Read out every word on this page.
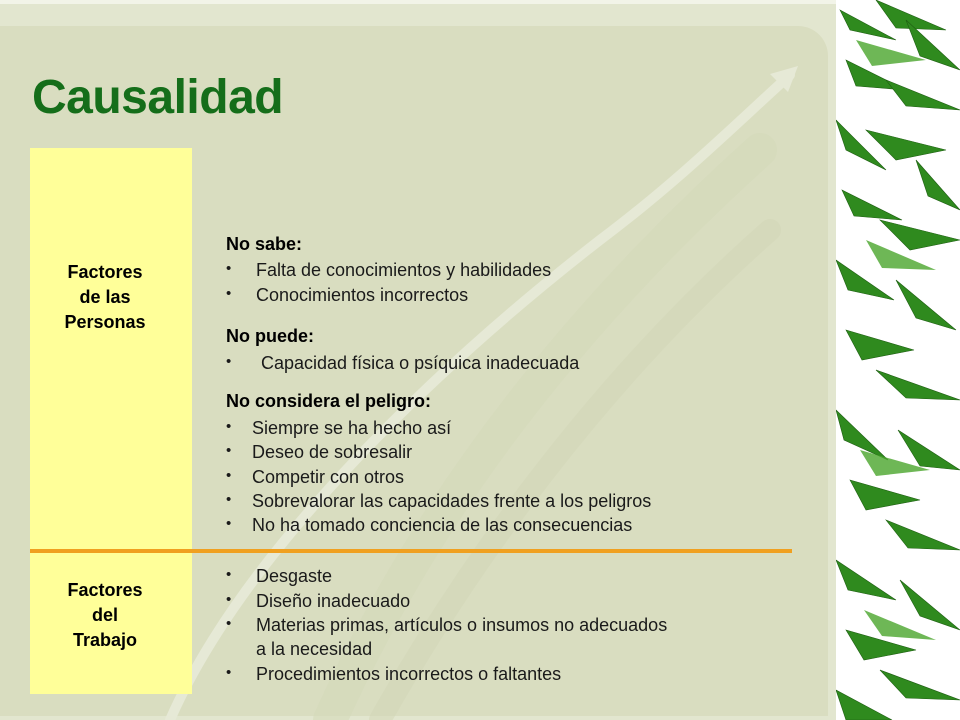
Causalidad
Factores
de las
Personas
Factores
del
Trabajo
No sabe:
• Falta de conocimientos y habilidades
• Conocimientos incorrectos
No puede:
• Capacidad física o psíquica inadecuada
No considera el peligro:
• Siempre se ha hecho así
• Deseo de sobresalir
• Competir con otros
• Sobrevalorar las capacidades frente a los peligros
• No ha tomado conciencia de las consecuencias
• Desgaste
• Diseño inadecuado
• Materias primas, artículos o insumos no adecuados
a la necesidad
• Procedimientos incorrectos o faltantes
